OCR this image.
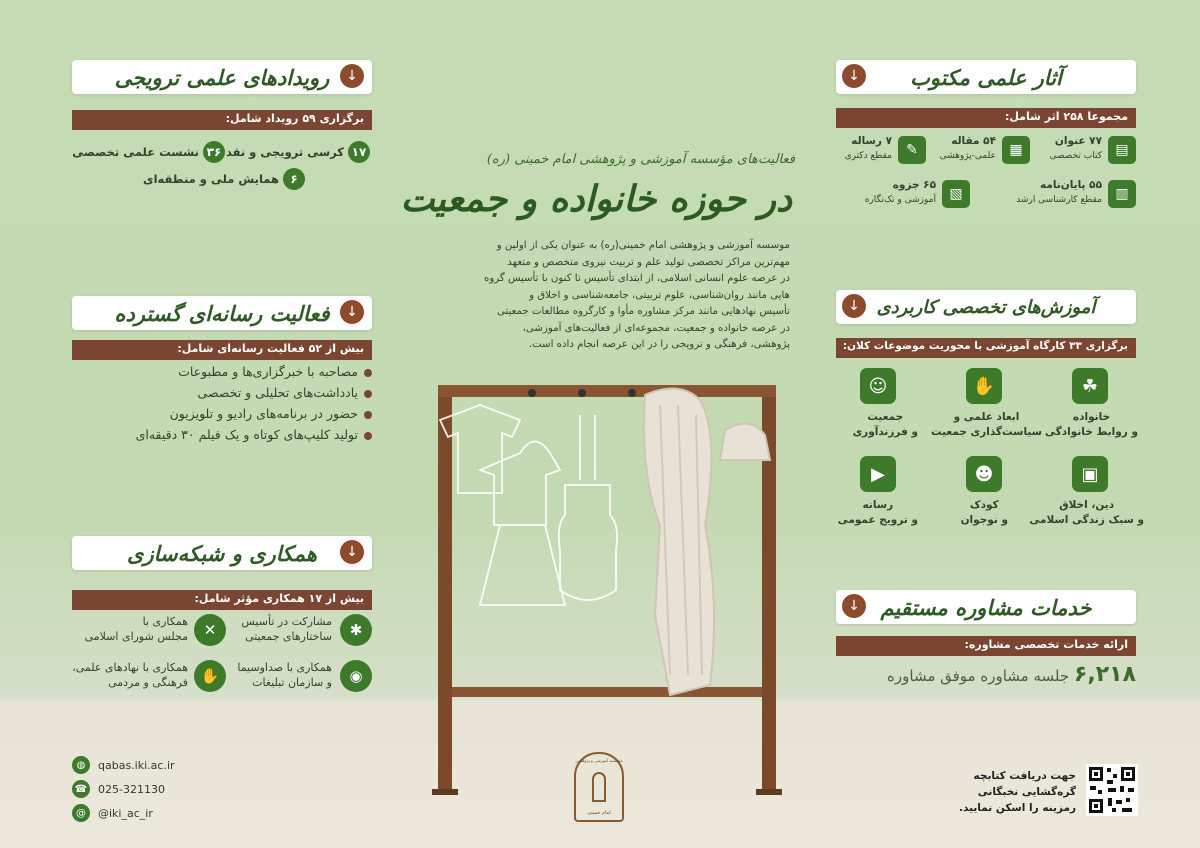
فعالیت‌های مؤسسه آموزشی و پژوهشی امام خمینی (ره)
در حوزه خانواده و جمعیت
موسسه آموزشی و پژوهشی امام خمینی(ره) به عنوان یکی از اولین و
مهم‌ترین مراکز تخصصی تولید علم و تربیت نیروی متخصص و متعهد
در عرصه علوم انسانی اسلامی، از ابتدای تأسیس تا کنون با تأسیس گروه
هایی مانند روان‌شناسی، علوم تربیتی، جامعه‌شناسی و اخلاق و
تأسیس نهادهایی مانند مرکز مشاوره مأوا و کارگروه مطالعات جمعیتی
در عرصه خانواده و جمعیت، مجموعه‌ای از فعالیت‌های آموزشی،
پژوهشی، فرهنگی و ترویجی را در این عرصه انجام داده است.
رویدادهای علمی ترویجی	↓
برگزاری ۵۹ رویداد شامل:
۱۷ کرسی ترویجی و نقد
۳۶ نشست علمی تخصصی
۶ همایش ملی و منطقه‌ای
فعالیت رسانه‌ای گسترده	↓
بیش از ۵۲ فعالیت رسانه‌ای شامل:
مصاحبه با خبرگزاری‌ها و مطبوعات
یادداشت‌های تحلیلی و تخصصی
حضور در برنامه‌های رادیو و تلویزیون
تولید کلیپ‌های کوتاه و یک فیلم ۳۰ دقیقه‌ای
همکاری و شبکه‌سازی	↓
بیش از ۱۷ همکاری مؤثر شامل:
✱
مشارکت در تأسیس
ساختارهای جمعیتی
✕
همکاری با
مجلس شورای اسلامی
◉
همکاری با صداوسیما
و سازمان تبلیغات
✋
همکاری با نهادهای علمی،
فرهنگی و مردمی
◍	qabas.iki.ac.ir
☎ 025-321130
@	@iki_ac_ir
مؤسسه آموزشی و پژوهشی
امام خمینی
آثار علمی مکتوب
↓
مجموعا ۲۵۸ اثر شامل:
▤
۷۷ عنوان
کتاب تخصصی
▦
۵۴ مقاله
علمی-پژوهشی
✎
۷ رساله
مقطع دکتری
▥
۵۵ پایان‌نامه
مقطع کارشناسی ارشد
▧
۶۵ جزوه
آموزشی و تک‌نگاره
آموزش‌های تخصصی کاربردی
↓
برگزاری ۳۳ کارگاه آموزشی با محوریت موضوعات کلان:
☘
خانواده
و روابط خانوادگی
✋
ابعاد علمی و
سیاست‌گذاری جمعیت
☺
جمعیت
و فرزندآوری
▣
دین، اخلاق
و سبک زندگی اسلامی
☻
کودک
و نوجوان
▶
رسانه
و ترویج عمومی
خدمات مشاوره مستقیم
↓
ارائه خدمات تخصصی مشاوره:
۶,۲۱۸ جلسه مشاوره موفق مشاوره
جهت دریافت کتابچه
گره‌گشایی نخبگانی
رمزینه را اسکن نمایید.
